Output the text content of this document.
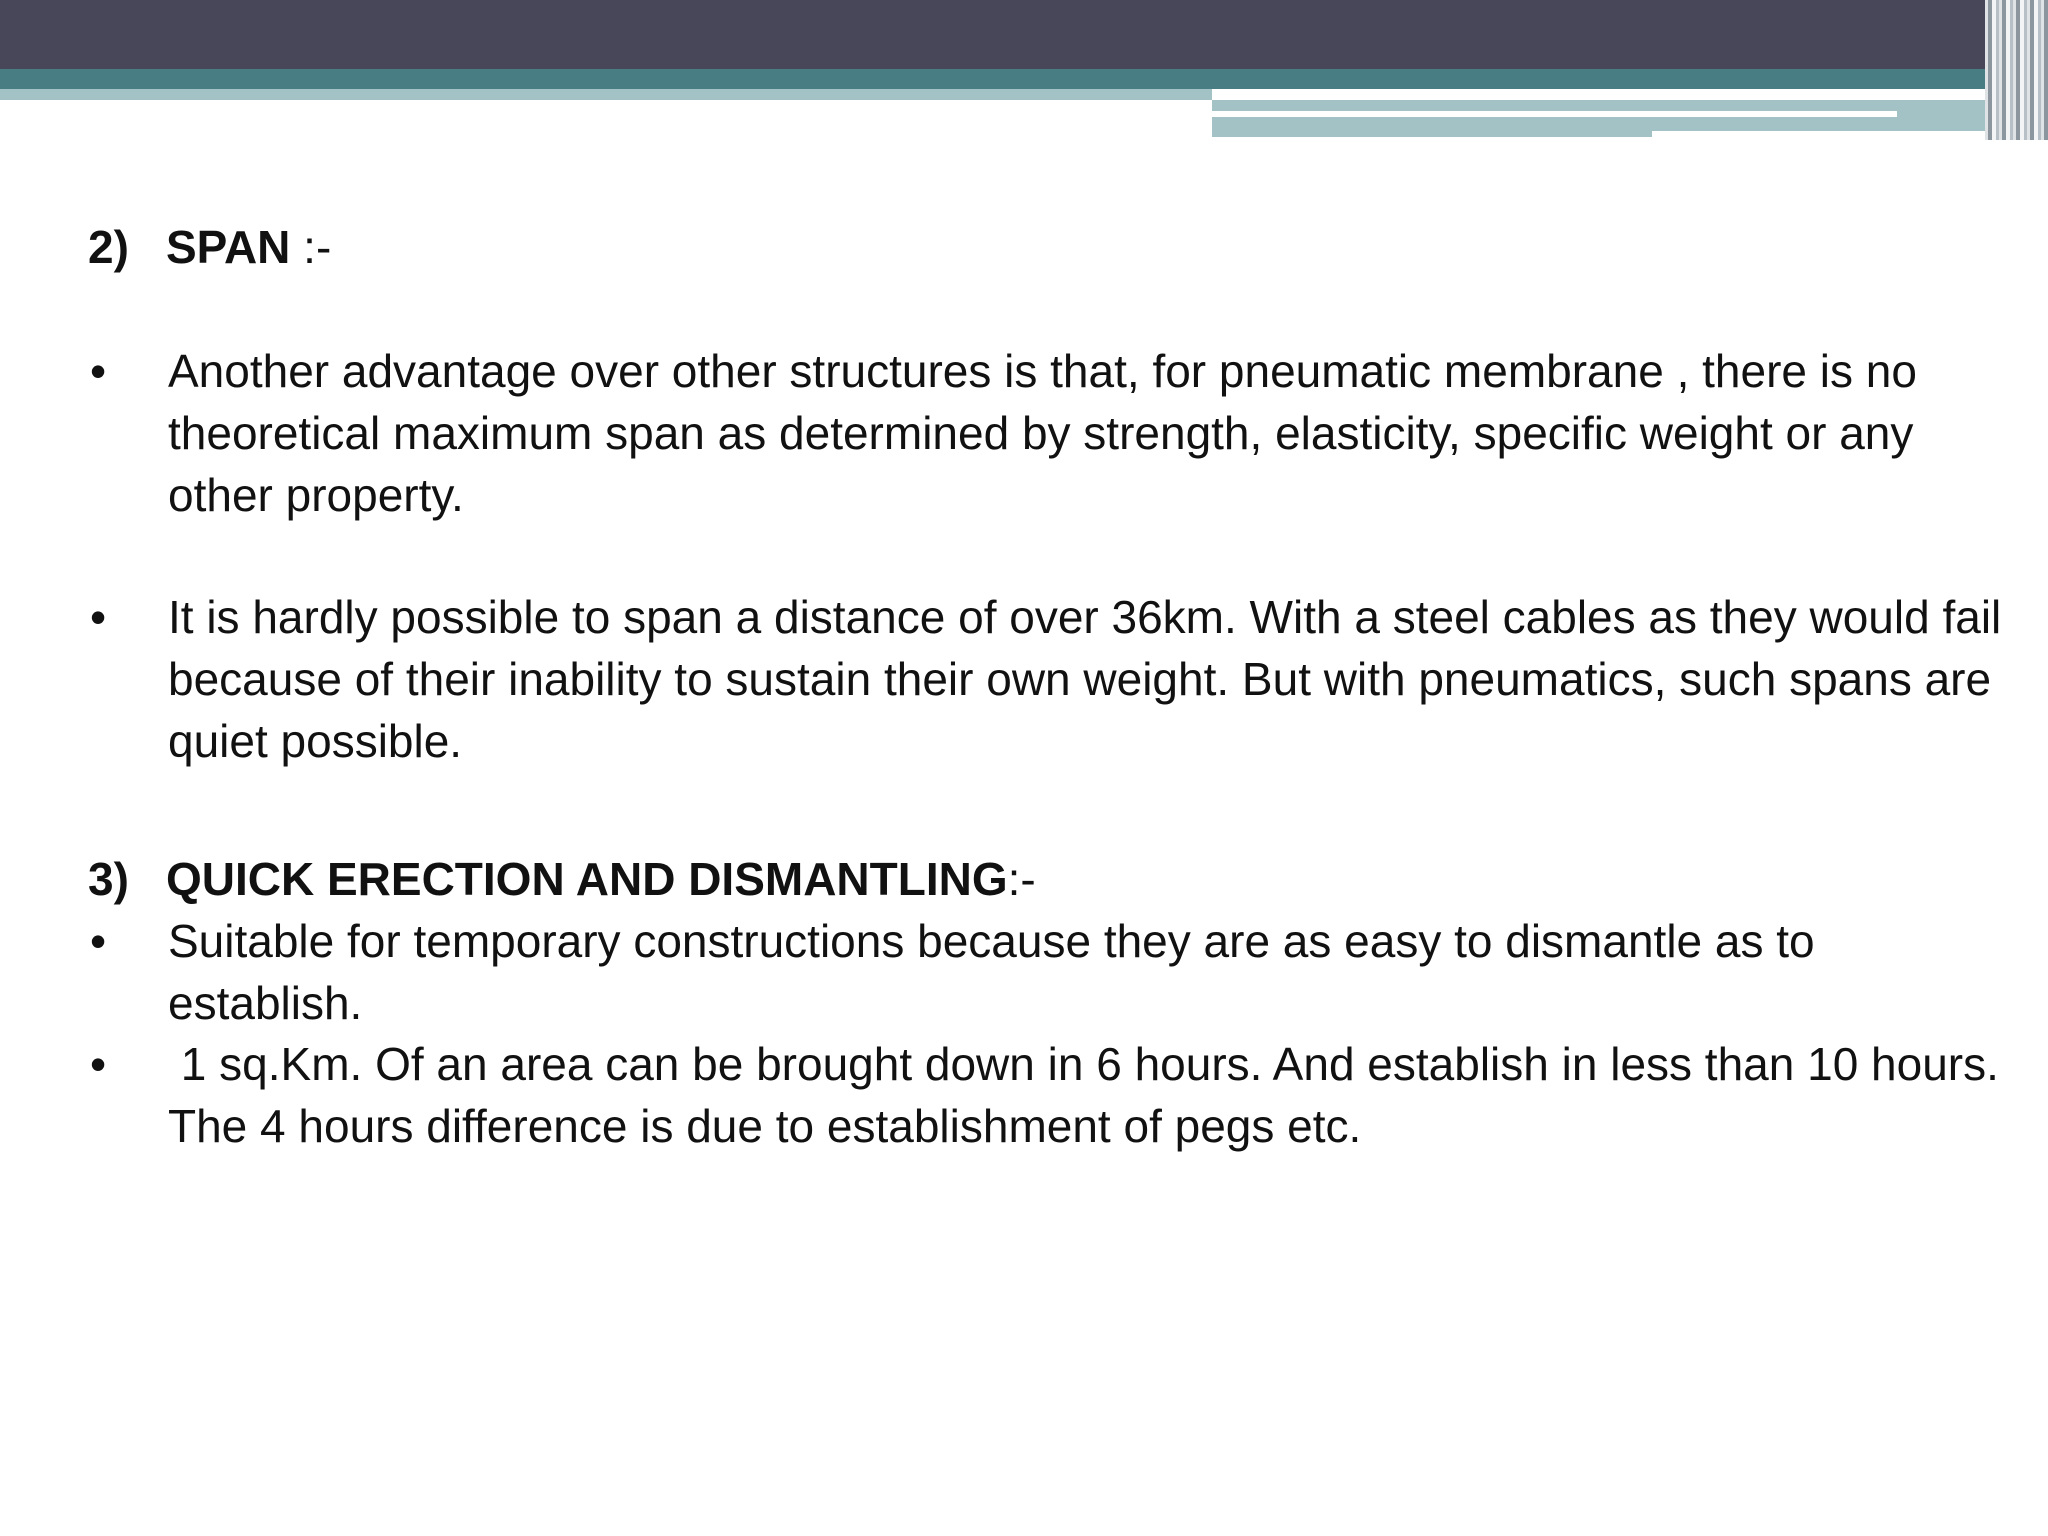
2) SPAN :-
•	Another advantage over other structures is that, for pneumatic membrane , there is no theoretical maximum span as determined by strength, elasticity, specific weight or any other property.
•	It is hardly possible to span a distance of over 36km. With a steel cables as they would fail because of their inability to sustain their own weight. But with pneumatics, such spans are quiet possible.
3) QUICK ERECTION AND DISMANTLING:-
•	Suitable for temporary constructions because they are as easy to dismantle as to establish.
•	1 sq.Km. Of an area can be brought down in 6 hours. And establish in less than 10 hours. The 4 hours difference is due to establishment of pegs etc.
